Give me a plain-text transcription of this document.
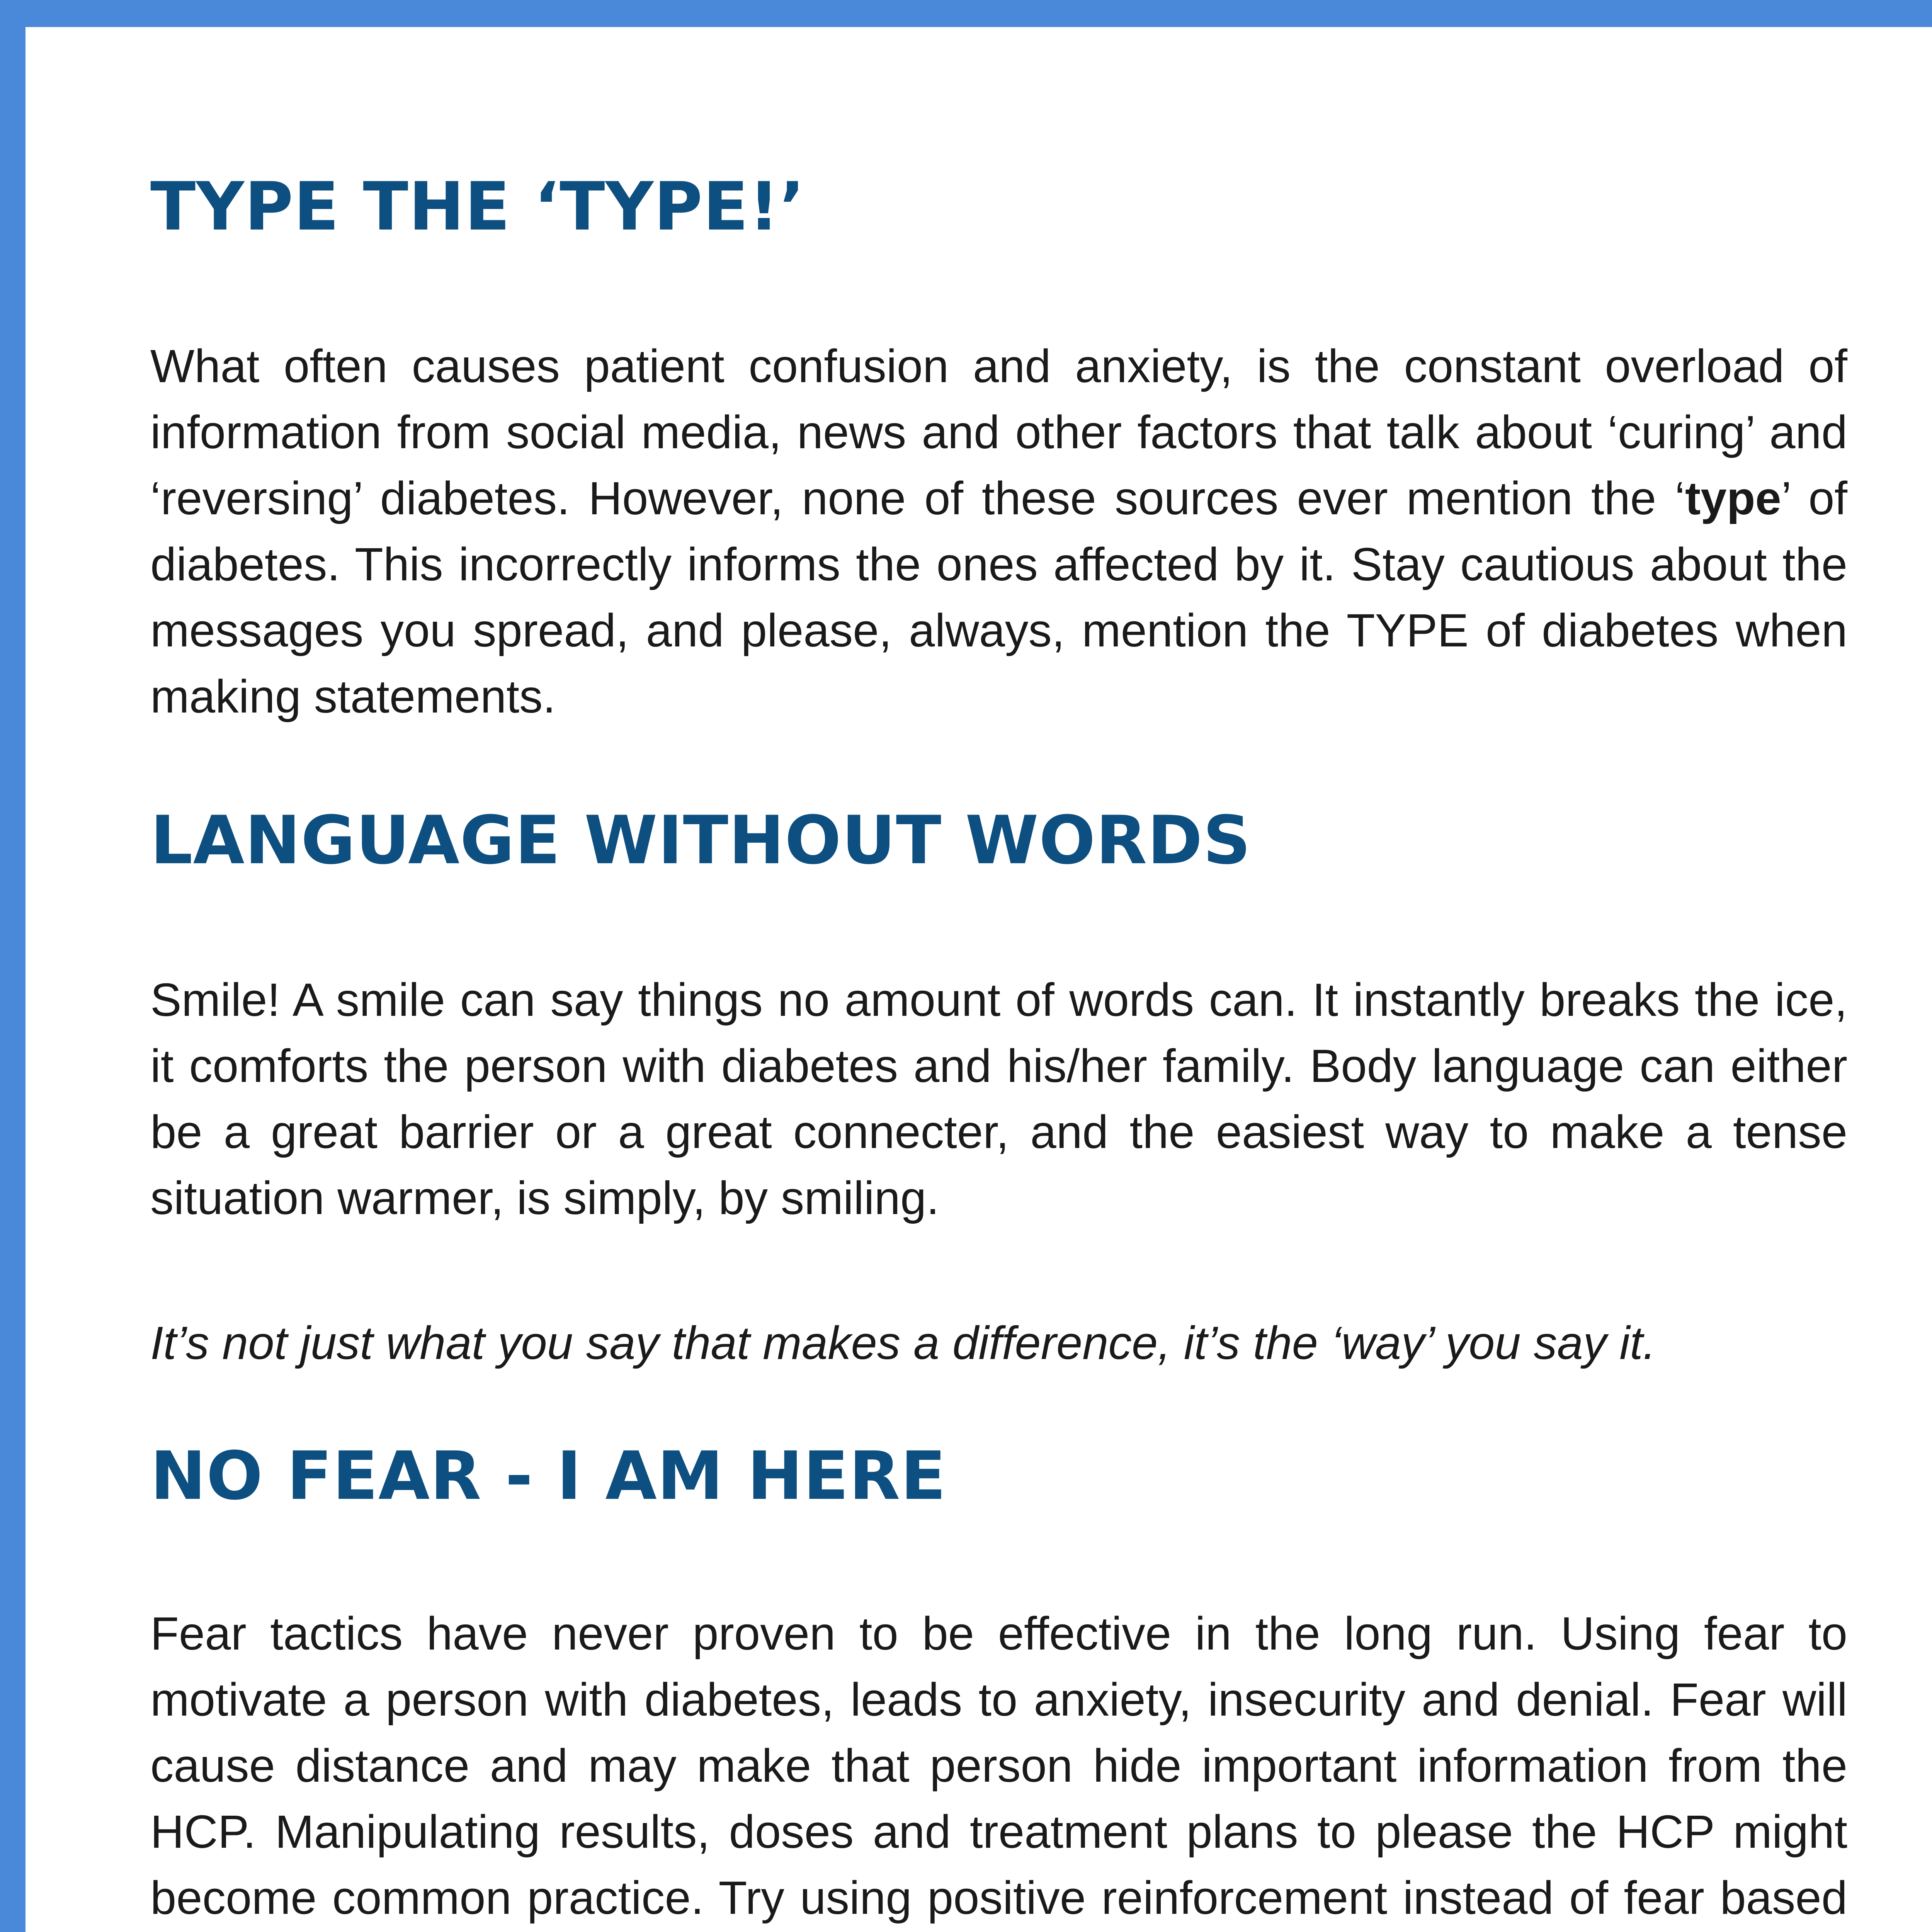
TYPE THE ‘TYPE!’

What often causes patient confusion and anxiety, is the constant overload of information from social media, news and other factors that talk about ‘curing’ and ‘reversing’ diabetes. However, none of these sources ever mention the ‘type’ of diabetes. This incorrectly informs the ones affected by it. Stay cautious about the messages you spread, and please, always, mention the TYPE of diabetes when making statements.

LANGUAGE WITHOUT WORDS

Smile! A smile can say things no amount of words can. It instantly breaks the ice, it comforts the person with diabetes and his/her family. Body language can either be a great barrier or a great connecter, and the easiest way to make a tense situation warmer, is simply, by smiling.

It’s not just what you say that makes a difference, it’s the ‘way’ you say it.

NO FEAR - I AM HERE

Fear tactics have never proven to be effective in the long run. Using fear to motivate a person with diabetes, leads to anxiety, insecurity and denial. Fear will cause distance and may make that person hide important information from the HCP. Manipulating results, doses and treatment plans to please the HCP might become common practice. Try using positive reinforcement instead of fear based
